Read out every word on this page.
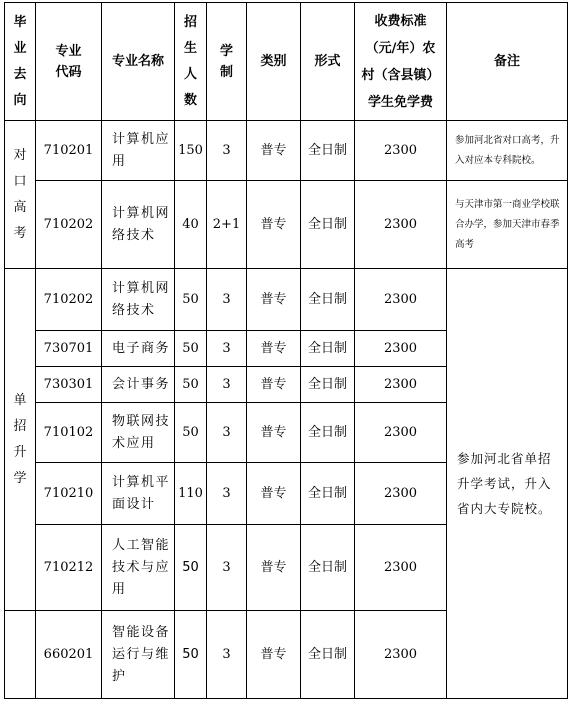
毕业去向	专业代码	专业名称	招生人数	学制	类别	形式	收费标准（元/年）农村（含县镇）学生免学费	备注
对口高考	710201	计算机应用	150	3	普专	全日制	2300	参加河北省对口高考，升入对应本专科院校。
	710202	计算机网络技术	40	2+1	普专	全日制	2300	与天津市第一商业学校联合办学，参加天津市春季高考
单招升学	710202	计算机网络技术	50	3	普专	全日制	2300	参加河北省单招升学考试，升入省内大专院校。
	730701	电子商务	50	3	普专	全日制	2300	
	730301	会计事务	50	3	普专	全日制	2300	
	710102	物联网技术应用	50	3	普专	全日制	2300	
	710210	计算机平面设计	110	3	普专	全日制	2300	
	710212	人工智能技术与应用	50	3	普专	全日制	2300	
	660201	智能设备运行与维护	50	3	普专	全日制	2300	
